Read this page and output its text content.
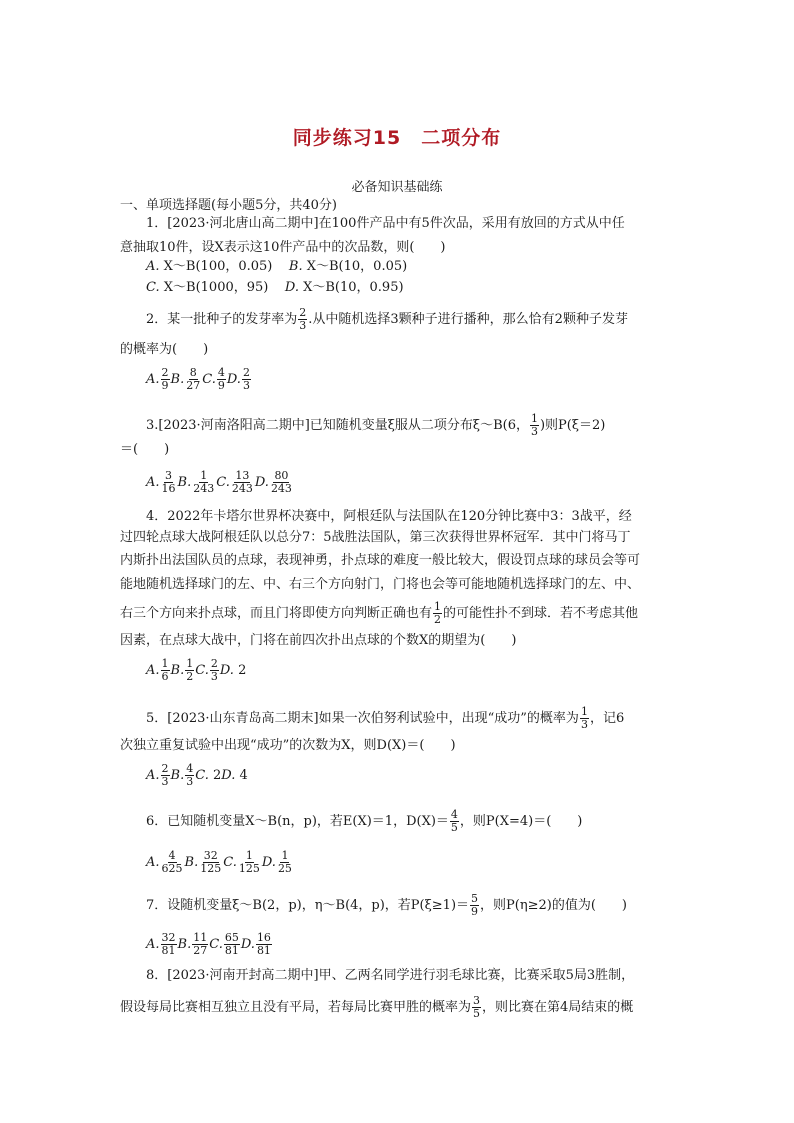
同步练习15　二项分布
必备知识基础练
一、单项选择题(每小题5分，共40分)
1．[2023·河北唐山高二期中]在100件产品中有5件次品，采用有放回的方式从中任
意抽取10件，设X表示这10件产品中的次品数，则(　　)
A. X～B(100，0.05) B. X～B(10，0.05)
C. X～B(1000，95) D. X～B(10，0.95)
2．某一批种子的发芽率为 $\frac{2}{3}$ .从中随机选择3颗种子进行播种，那么恰有2颗种子发芽
的概率为(　　)
A. $\frac{2}{9} B$. $\frac{8}{27} C$. $\frac{4}{9} D$. $\frac{2}{3}$
3.[2023·河南洛阳高二期中]已知随机变量ξ服从二项分布ξ～B(6， $\frac{1}{3}$ )则P(ξ＝2)
＝(　　)
A. $\frac{3}{16} B$. $\frac{1}{243} C$. $\frac{13}{243} D$. $\frac{80}{243}$
4．2022年卡塔尔世界杯决赛中，阿根廷队与法国队在120分钟比赛中3：3战平，经
过四轮点球大战阿根廷队以总分7：5战胜法国队，第三次获得世界杯冠军．其中门将马丁
内斯扑出法国队员的点球，表现神勇，扑点球的难度一般比较大，假设罚点球的球员会等可
能地随机选择球门的左、中、右三个方向射门，门将也会等可能地随机选择球门的左、中、
右三个方向来扑点球，而且门将即使方向判断正确也有 $\frac{1}{2}$ 的可能性扑不到球．若不考虑其他
因素，在点球大战中，门将在前四次扑出点球的个数X的期望为(　　)
A. $\frac{1}{6} B$. $\frac{1}{2} C$. $\frac{2}{3} D$. 2
5．[2023·山东青岛高二期末]如果一次伯努利试验中，出现“成功”的概率为 $\frac{1}{3}$ ，记6
次独立重复试验中出现“成功”的次数为X，则D(X)＝(　　)
A. $\frac{2}{3} B$. $\frac{4}{3} C$. 2D. 4
6．已知随机变量X～B(n，p)，若E(X)＝1，$D(X)= \frac{4}{5}$ ，则P(X=4)＝(　　)
A. $\frac{4}{625} B$. $\frac{32}{125} C$. $\frac{1}{125} D$. $\frac{1}{25}$
7．设随机变量ξ～B(2，p)，η～B(4，p)，若$P(\xi\ge 1)= \frac{5}{9}$ ，则P(η≥2)的值为(　　)
A. $\frac{32}{81} B$. $\frac{11}{27} C$. $\frac{65}{81} D$. $\frac{16}{81}$
8．[2023·河南开封高二期中]甲、乙两名同学进行羽毛球比赛，比赛采取5局3胜制，
假设每局比赛相互独立且没有平局，若每局比赛甲胜的概率为 $\frac{3}{5}$ ，则比赛在第4局结束的概
